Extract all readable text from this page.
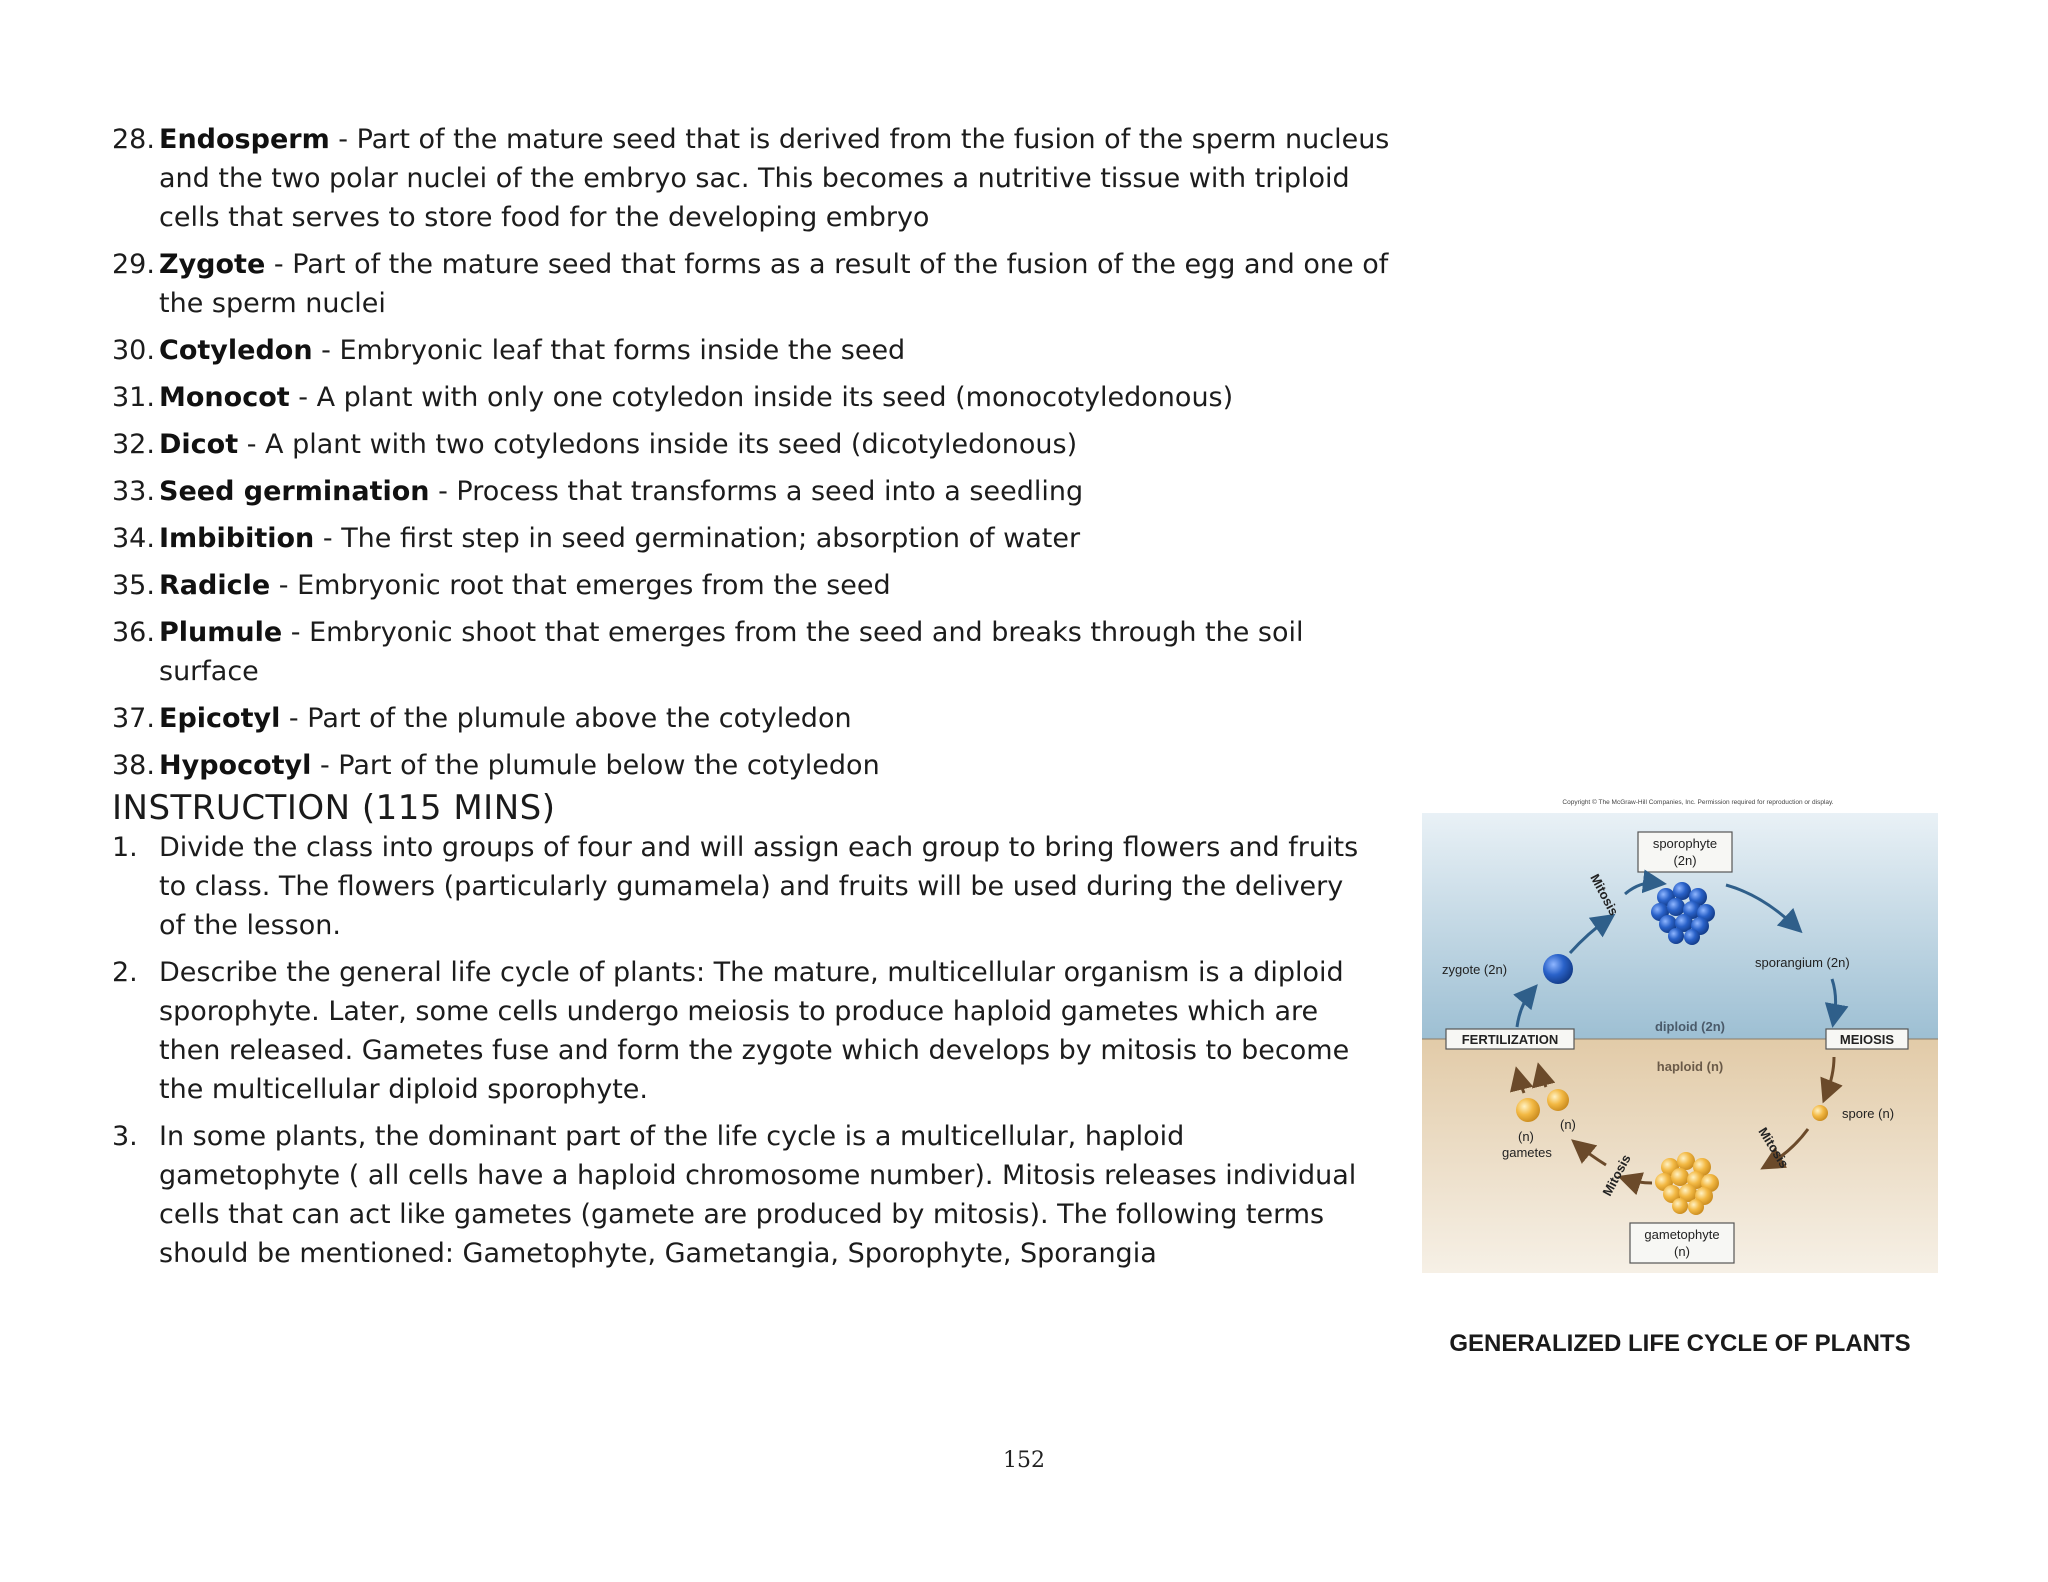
28. Endosperm - Part of the mature seed that is derived from the fusion of the sperm nucleus and the two polar nuclei of the embryo sac. This becomes a nutritive tissue with triploid cells that serves to store food for the developing embryo
29. Zygote - Part of the mature seed that forms as a result of the fusion of the egg and one of the sperm nuclei
30. Cotyledon - Embryonic leaf that forms inside the seed
31. Monocot - A plant with only one cotyledon inside its seed (monocotyledonous)
32. Dicot - A plant with two cotyledons inside its seed (dicotyledonous)
33. Seed germination - Process that transforms a seed into a seedling
34. Imbibition - The first step in seed germination; absorption of water
35. Radicle - Embryonic root that emerges from the seed
36. Plumule - Embryonic shoot that emerges from the seed and breaks through the soil surface
37. Epicotyl - Part of the plumule above the cotyledon
38. Hypocotyl - Part of the plumule below the cotyledon
INSTRUCTION (115 MINS)
1. Divide the class into groups of four and will assign each group to bring flowers and fruits to class. The flowers (particularly gumamela) and fruits will be used during the delivery of the lesson.
2. Describe the general life cycle of plants: The mature, multicellular organism is a diploid sporophyte. Later, some cells undergo meiosis to produce haploid gametes which are then released. Gametes fuse and form the zygote which develops by mitosis to become the multicellular diploid sporophyte.
3. In some plants, the dominant part of the life cycle is a multicellular, haploid gametophyte ( all cells have a haploid chromosome number). Mitosis releases individual cells that can act like gametes (gamete are produced by mitosis). The following terms should be mentioned: Gametophyte, Gametangia, Sporophyte, Sporangia
Copyright © The McGraw-Hill Companies, Inc. Permission required for reproduction or display.
sporophyte
(2n)
zygote (2n)
Mitosis
sporangium (2n)
diploid (2n)
haploid (n)
FERTILIZATION	MEIOSIS
spore (n)
Mitosis
Mitosis
(n)
(n)
gametes
gametophyte
(n)
GENERALIZED LIFE CYCLE OF PLANTS
152
